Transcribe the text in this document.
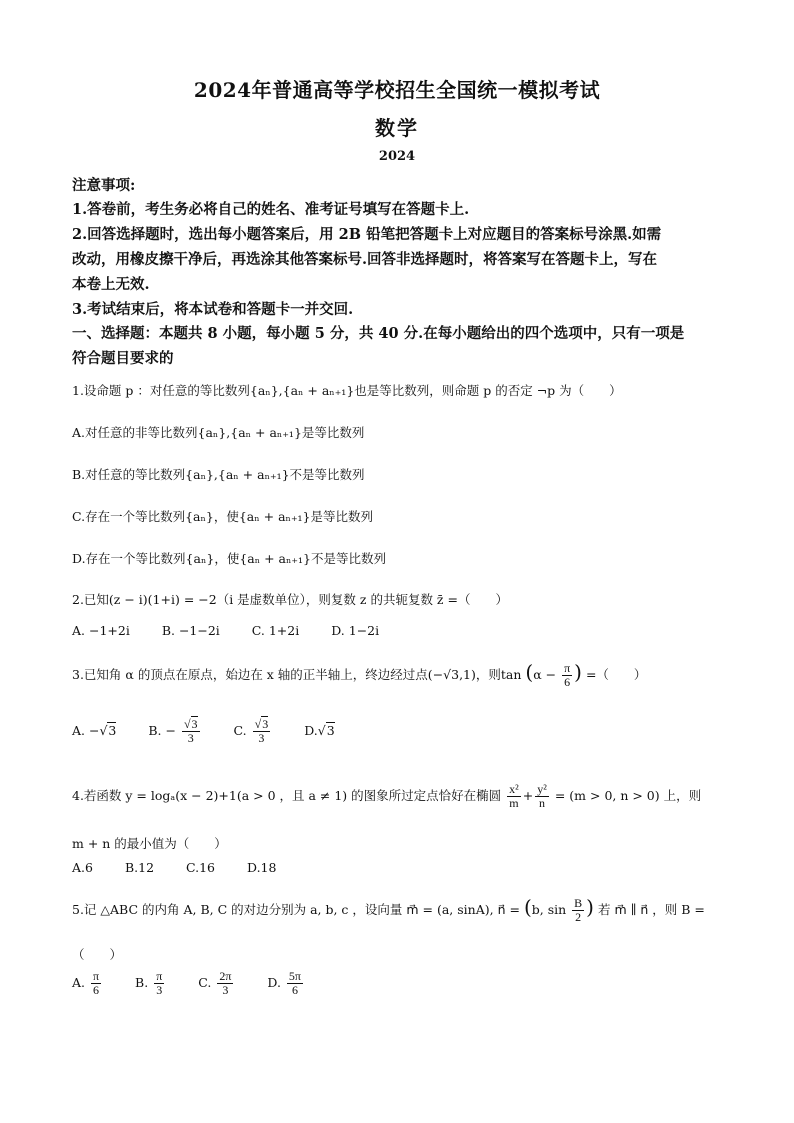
2024年普通高等学校招生全国统一模拟考试
数学
2024
注意事项:
1.答卷前，考生务必将自己的姓名、准考证号填写在答题卡上.
2.回答选择题时，选出每小题答案后，用 2B 铅笔把答题卡上对应题目的答案标号涂黑.如需
改动，用橡皮擦干净后，再选涂其他答案标号.回答非选择题时，将答案写在答题卡上，写在
本卷上无效.
3.考试结束后，将本试卷和答题卡一并交回.
一、选择题：本题共 8 小题，每小题 5 分，共 40 分.在每小题给出的四个选项中，只有一项是
符合题目要求的
1.设命题 p ：对任意的等比数列{aₙ},{aₙ + aₙ₊₁}也是等比数列，则命题 p 的否定 ¬p 为（　　）
A.对任意的非等比数列{aₙ},{aₙ + aₙ₊₁}是等比数列
B.对任意的等比数列{aₙ},{aₙ + aₙ₊₁}不是等比数列
C.存在一个等比数列{aₙ}，使{aₙ + aₙ₊₁}是等比数列
D.存在一个等比数列{aₙ}，使{aₙ + aₙ₊₁}不是等比数列
2.已知(z − i)(1+i) = −2（i 是虚数单位），则复数 z 的共轭复数 z̄ =（　　）
A. −1+2i	B. −1−2i	C. 1+2i	D. 1−2i
3.已知角 α 的顶点在原点，始边在 x 轴的正半轴上，终边经过点(−√3,1)，则$\tan (\alpha - \frac{\pi}{6}$ ) =（　　）
A. −√3	B. − $\frac{√3}{3}$	C. $\frac{√3}{3}$	D.√3
4.若函数 y = logₐ(x − 2)+1(a > 0 ，且 a ≠ 1) 的图象所过定点恰好在椭圆 $\frac{\text{x²}}{m} + \frac{\text{y²}}{n} = (m > 0$, n > 0) 上，则
m + n 的最小值为（　　）
A.6	B.12	C.16	D.18
5.记 △ABC 的内角 A, B, C 的对边分别为 a, b, c ，设向量 m⃗ = (a, sinA), n⃗ = (b, $\sin \frac{B}{2}$ ) 若 m⃗ ∥ n⃗ ，则 B =
（　　）
A. $\frac{\pi}{6}$	B. $\frac{\pi}{3}$	C. $\frac{2\pi}{3}$	D. $\frac{5\pi}{6}$
